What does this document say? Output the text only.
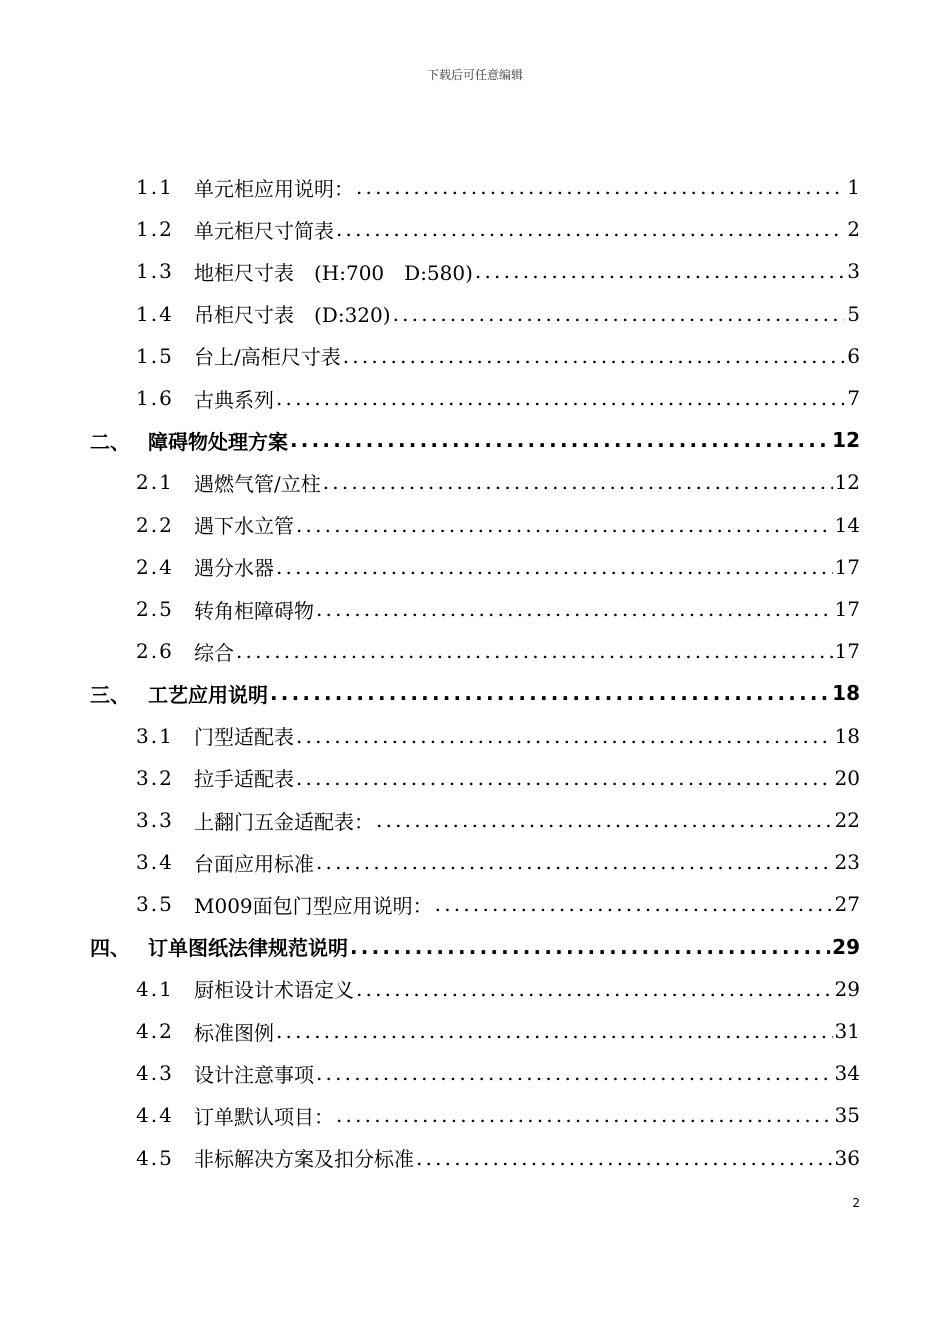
下载后可任意编辑
1.1	单元柜应用说明： .....	1
1.2	单元柜尺寸简表 .....	2
1.3	地柜尺寸表　(H:700　D:580) .....	3
1.4	吊柜尺寸表　(D:320) .....	5
1.5	台上/高柜尺寸表 .....	6
1.6	古典系列 .....	7
二、 障碍物处理方案 .....	12
2.1	遇燃气管/立柱 .....	12
2.2	遇下水立管 .....	14
2.4	遇分水器 .....	17
2.5	转角柜障碍物 .....	17
2.6	综合 .....	17
三、 工艺应用说明 .....	18
3.1	门型适配表 .....	18
3.2	拉手适配表 .....	20
3.3	上翻门五金适配表： .....	22
3.4	台面应用标准 .....	23
3.5	M009面包门型应用说明： .....	27
四、 订单图纸法律规范说明 .....	29
4.1	厨柜设计术语定义 .....	29
4.2	标准图例 .....	31
4.3	设计注意事项 .....	34
4.4	订单默认项目： .....	35
4.5	非标解决方案及扣分标准 .....	36
2
